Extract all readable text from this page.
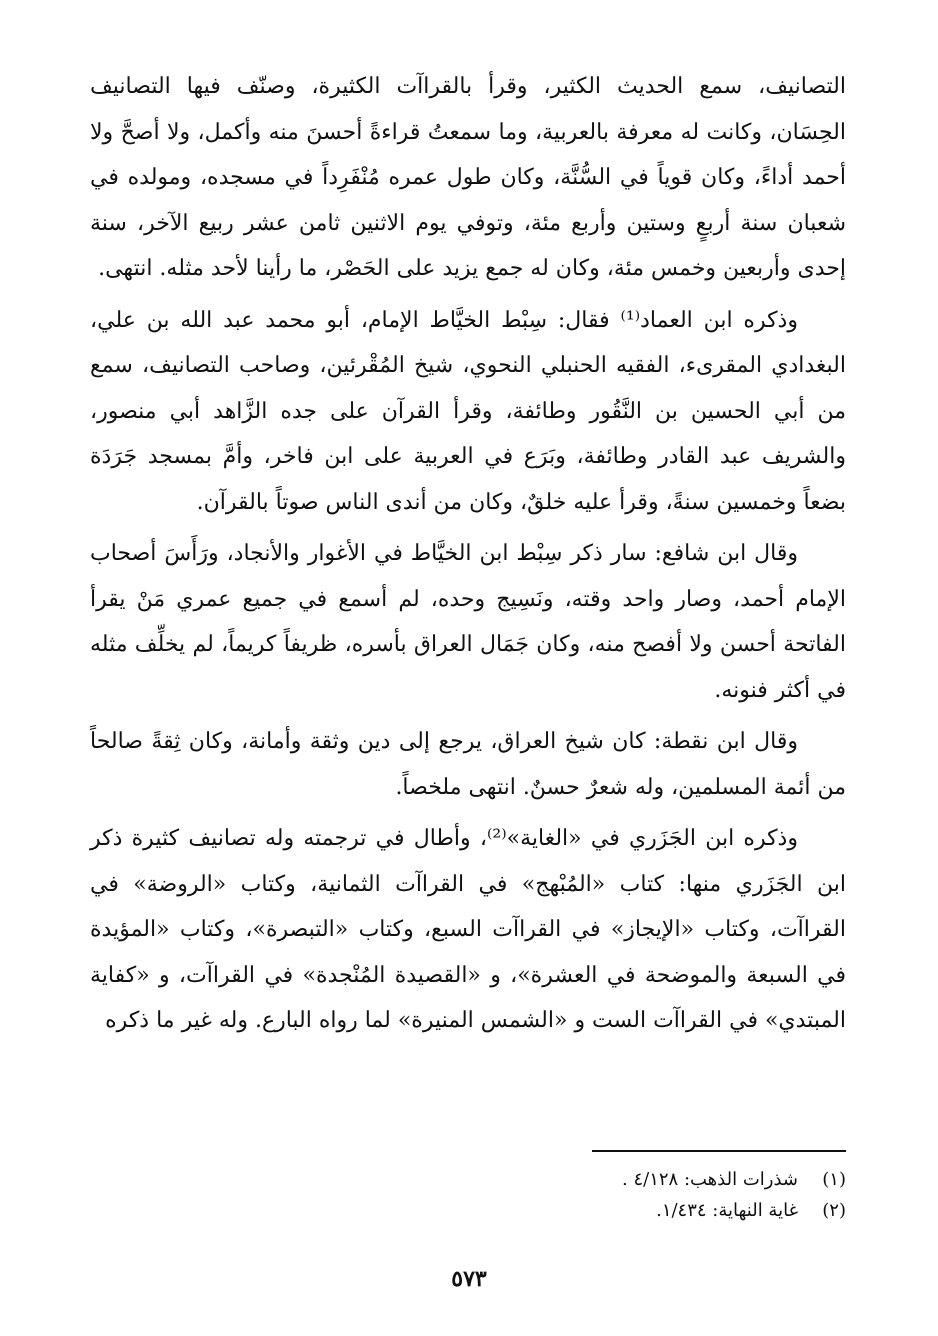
التصانيف، سمع الحديث الكثير، وقرأ بالقراآت الكثيرة، وصنّف فيها التصانيف الحِسَان، وكانت له معرفة بالعربية، وما سمعتُ قراءةً أحسنَ منه وأكمل، ولا أصحَّ ولا أحمد أداءً، وكان قوياً في السُّنَّة، وكان طول عمره مُنْفَرِداً في مسجده، ومولده في شعبان سنة أربعٍ وستين وأربع مئة، وتوفي يوم الاثنين ثامن عشر ربيع الآخر، سنة إحدى وأربعين وخمس مئة، وكان له جمع يزيد على الحَصْر، ما رأينا لأحد مثله. انتهى.

وذكره ابن العماد⁽¹⁾ فقال: سِبْط الخيَّاط الإمام، أبو محمد عبد الله بن علي، البغدادي المقرىء، الفقيه الحنبلي النحوي، شيخ المُقْرئين، وصاحب التصانيف، سمع من أبي الحسين بن النَّقُور وطائفة، وقرأ القرآن على جده الزَّاهد أبي منصور، والشريف عبد القادر وطائفة، وبَرَع في العربية على ابن فاخر، وأمَّ بمسجد جَرَدَة بضعاً وخمسين سنةً، وقرأ عليه خلقٌ، وكان من أندى الناس صوتاً بالقرآن.

وقال ابن شافع: سار ذكر سِبْط ابن الخيَّاط في الأغوار والأنجاد، ورَأَسَ أصحاب الإمام أحمد، وصار واحد وقته، ونَسِيج وحده، لم أسمع في جميع عمري مَنْ يقرأ الفاتحة أحسن ولا أفصح منه، وكان جَمَال العراق بأسره، ظريفاً كريماً، لم يخلِّف مثله في أكثر فنونه.

وقال ابن نقطة: كان شيخ العراق، يرجع إلى دين وثقة وأمانة، وكان ثِقةً صالحاً من أئمة المسلمين، وله شعرٌ حسنٌ. انتهى ملخصاً.

وذكره ابن الجَزَري في «الغاية»⁽²⁾، وأطال في ترجمته وله تصانيف كثيرة ذكر ابن الجَزَري منها: كتاب «المُبْهج» في القراآت الثمانية، وكتاب «الروضة» في القراآت، وكتاب «الإيجاز» في القراآت السبع، وكتاب «التبصرة»، وكتاب «المؤيدة في السبعة والموضحة في العشرة»، و «القصيدة المُنْجدة» في القراآت، و «كفاية المبتدي» في القراآت الست و «الشمس المنيرة» لما رواه البارع. وله غير ما ذكره

(١)
شذرات الذهب: ٤/١٢٨ .
(٢)
غاية النهاية: ١/٤٣٤.
٥٧٣
